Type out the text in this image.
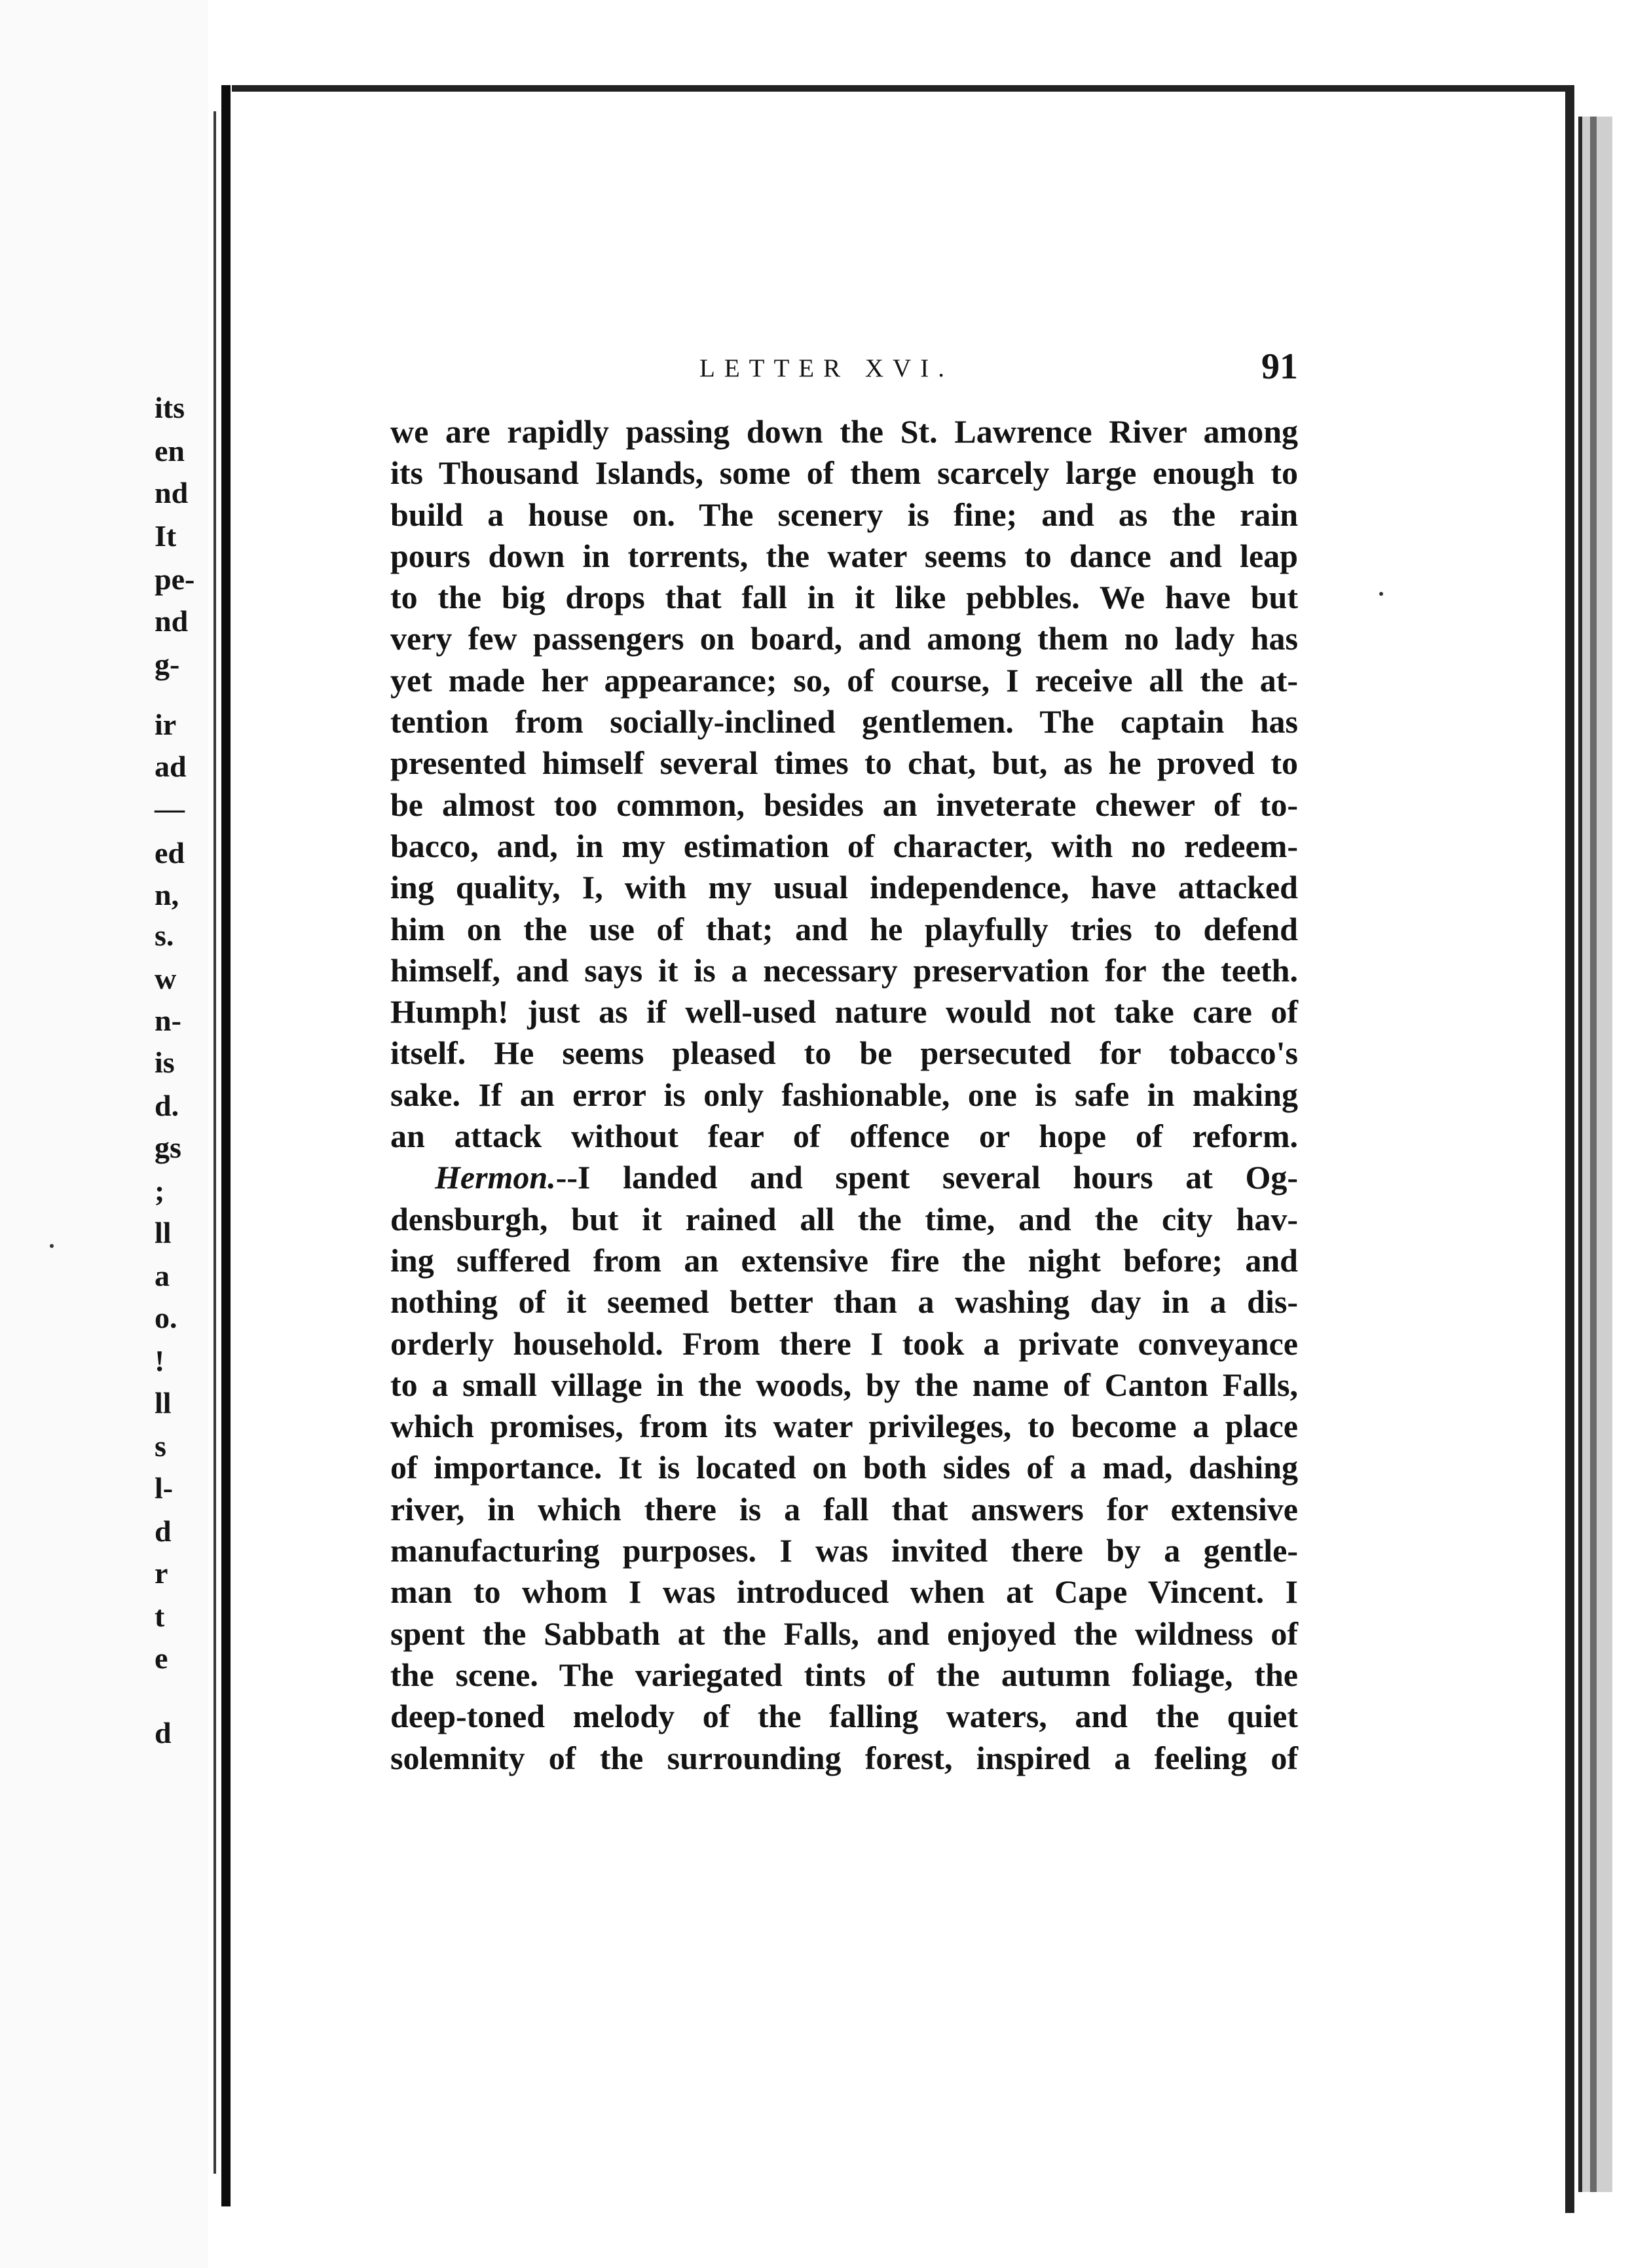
its
en
nd
It
pe-
nd
g-
ir
ad
—
ed
n,
s.
w
n-
is
d.
gs
;
ll
a
o.
!
ll
s
l-
d
r
t
e
d
LETTER XVI.	91
we are rapidly passing down the St. Lawrence River among
its Thousand Islands, some of them scarcely large enough to
build a house on. The scenery is fine; and as the rain
pours down in torrents, the water seems to dance and leap
to the big drops that fall in it like pebbles. We have but
very few passengers on board, and among them no lady has
yet made her appearance; so, of course, I receive all the at-
tention from socially-inclined gentlemen. The captain has
presented himself several times to chat, but, as he proved to
be almost too common, besides an inveterate chewer of to-
bacco, and, in my estimation of character, with no redeem-
ing quality, I, with my usual independence, have attacked
him on the use of that; and he playfully tries to defend
himself, and says it is a necessary preservation for the teeth.
Humph! just as if well-used nature would not take care of
itself. He seems pleased to be persecuted for tobacco's
sake. If an error is only fashionable, one is safe in making
an attack without fear of offence or hope of reform.
Hermon.--I landed and spent several hours at Og-
densburgh, but it rained all the time, and the city hav-
ing suffered from an extensive fire the night before; and
nothing of it seemed better than a washing day in a dis-
orderly household. From there I took a private conveyance
to a small village in the woods, by the name of Canton Falls,
which promises, from its water privileges, to become a place
of importance. It is located on both sides of a mad, dashing
river, in which there is a fall that answers for extensive
manufacturing purposes. I was invited there by a gentle-
man to whom I was introduced when at Cape Vincent. I
spent the Sabbath at the Falls, and enjoyed the wildness of
the scene. The variegated tints of the autumn foliage, the
deep-toned melody of the falling waters, and the quiet
solemnity of the surrounding forest, inspired a feeling of
